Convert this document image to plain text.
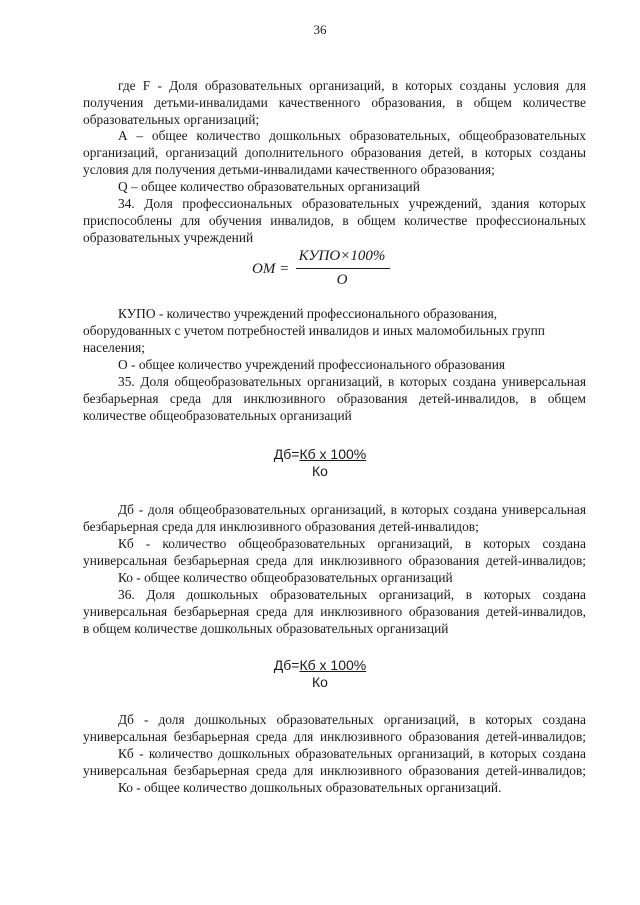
36
где F - Доля образовательных организаций, в которых созданы условия для
получения детьми-инвалидами качественного образования, в общем количестве
образовательных организаций;
А – общее количество дошкольных образовательных, общеобразовательных
организаций, организаций дополнительного образования детей, в которых созданы
условия для получения детьми-инвалидами качественного образования;
Q – общее количество образовательных организаций
34. Доля профессиональных образовательных учреждений, здания которых
приспособлены для обучения инвалидов, в общем количестве профессиональных
образовательных учреждений
ОМ =
КУПО×100%
О
КУПО - количество учреждений профессионального образования,
оборудованных с учетом потребностей инвалидов и иных маломобильных групп
населения;
О - общее количество учреждений профессионального образования
35. Доля общеобразовательных организаций, в которых создана универсальная
безбарьерная среда для инклюзивного образования детей-инвалидов, в общем
количестве общеобразовательных организаций
Дб=Кб х 100%
Ко
Дб - доля общеобразовательных организаций, в которых создана универсальная
безбарьерная среда для инклюзивного образования детей-инвалидов;
Кб - количество общеобразовательных организаций, в которых создана
универсальная безбарьерная среда для инклюзивного образования детей-инвалидов;
Ко - общее количество общеобразовательных организаций
36. Доля дошкольных образовательных организаций, в которых создана
универсальная безбарьерная среда для инклюзивного образования детей-инвалидов,
в общем количестве дошкольных образовательных организаций
Дб=Кб х 100%
Ко
Дб - доля дошкольных образовательных организаций, в которых создана
универсальная безбарьерная среда для инклюзивного образования детей-инвалидов;
Кб - количество дошкольных образовательных организаций, в которых создана
универсальная безбарьерная среда для инклюзивного образования детей-инвалидов;
Ко - общее количество дошкольных образовательных организаций.
